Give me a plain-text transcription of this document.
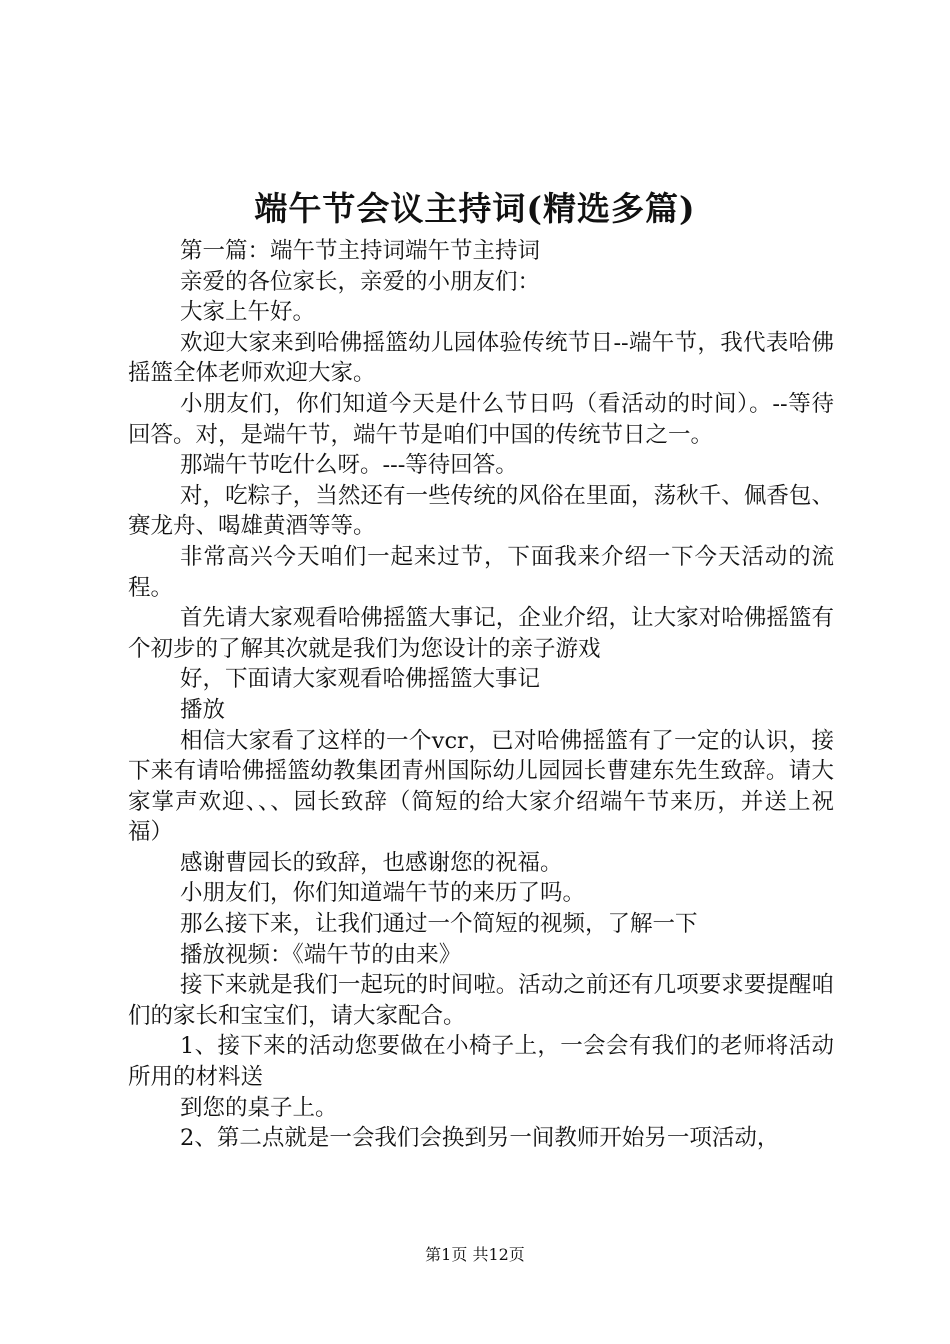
端午节会议主持词(精选多篇)

第一篇：端午节主持词端午节主持词

亲爱的各位家长，亲爱的小朋友们：

大家上午好。

欢迎大家来到哈佛摇篮幼儿园体验传统节日--端午节，我代表哈佛摇篮全体老师欢迎大家。

小朋友们，你们知道今天是什么节日吗（看活动的时间）。--等待回答。对，是端午节，端午节是咱们中国的传统节日之一。

那端午节吃什么呀。---等待回答。

对，吃粽子，当然还有一些传统的风俗在里面，荡秋千、佩香包、赛龙舟、喝雄黄酒等等。

非常高兴今天咱们一起来过节，下面我来介绍一下今天活动的流程。

首先请大家观看哈佛摇篮大事记，企业介绍，让大家对哈佛摇篮有个初步的了解其次就是我们为您设计的亲子游戏

好，下面请大家观看哈佛摇篮大事记

播放

相信大家看了这样的一个vcr，已对哈佛摇篮有了一定的认识，接下来有请哈佛摇篮幼教集团青州国际幼儿园园长曹建东先生致辞。请大家掌声欢迎、、、园长致辞（简短的给大家介绍端午节来历，并送上祝福）

感谢曹园长的致辞，也感谢您的祝福。

小朋友们，你们知道端午节的来历了吗。

那么接下来，让我们通过一个简短的视频，了解一下

播放视频：《端午节的由来》

接下来就是我们一起玩的时间啦。活动之前还有几项要求要提醒咱们的家长和宝宝们，请大家配合。

1、接下来的活动您要做在小椅子上，一会会有我们的老师将活动所用的材料送

到您的桌子上。

2、第二点就是一会我们会换到另一间教师开始另一项活动，

第1页 共12页
